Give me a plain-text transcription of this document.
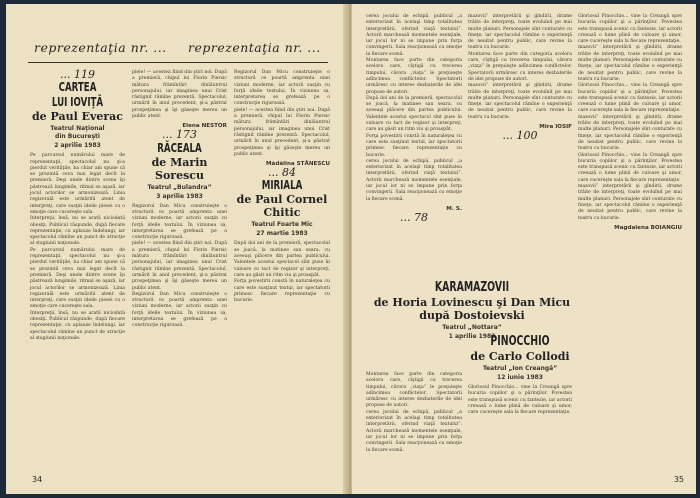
reprezentaţia nr. ... reprezentaţia nr. ...
... 119
CARTEA
LUI IOVIŢĂ
de Paul Everac

Teatrul Naţional

din Bucureşti

2 aprilie 1983

Pe parcursul numărului mare de reprezentaţii, spectacolul nu şi-a pierdut verităţile, ba chiar am spune că se prezintă ceva mai legat decît la premieră. Deşi unele dintre scene îşi păstrează lungimile, ritmul se aşază, iar jocul actorilor se armonizează. Linia regizorală este urmărită atent de interpreţi, care susţin ideile piesei cu o emoţie care cucereşte sala.

Interpreţii, însă, nu se arată niciodată obosiţi. Publicul răspunde, după fiecare reprezentaţie, cu aplauze îndelungi, iar spectacolul rămîne un punct de atracţie al stagiunii naţionale.

Pe parcursul numărului mare de reprezentaţii, spectacolul nu şi-a pierdut verităţile, ba chiar am spune că se prezintă ceva mai legat decît la premieră. Deşi unele dintre scene îşi păstrează lungimile, ritmul se aşază, iar jocul actorilor se armonizează. Linia regizorală este urmărită atent de interpreţi, care susţin ideile piesei cu o emoţie care cucereşte sala.

Interpreţii, însă, nu se arată niciodată obosiţi. Publicul răspunde, după fiecare reprezentaţie, cu aplauze îndelungi, iar spectacolul rămîne un punct de atracţie al stagiunii naţionale.

piele! — acestea fiind din ştiri noi. După a premieră, chipul lui Florin Piersic mătura frămîntări dinlăuntrul personajului, iar imaginea unui Crist răstignit rămîne prezentă. Spectacolul, urmărit în anul precedent, şi-a păstrat prospeţimea şi îşi găseşte mereu un public atent.

Elena NESTOR

... 173
RĂCEALA
de Marin Sorescu

Teatrul „Bulandra”

3 aprilie 1983

Regizorul Dan Micu construieşte o structură ce poartă amprenta unei viziuni moderne, iar actorii susţin cu forţă ideile textului. În viziunea sa, interpretarea se grefează pe o construcţie riguroasă.

piele! — acestea fiind din ştiri noi. După a premieră, chipul lui Florin Piersic mătura frămîntări dinlăuntrul personajului, iar imaginea unui Crist răstignit rămîne prezentă. Spectacolul, urmărit în anul precedent, şi-a păstrat prospeţimea şi îşi găseşte mereu un public atent.

Regizorul Dan Micu construieşte o structură ce poartă amprenta unei viziuni moderne, iar actorii susţin cu forţă ideile textului. În viziunea sa, interpretarea se grefează pe o construcţie riguroasă.

Regizorul Dan Micu construieşte o structură ce poartă amprenta unei viziuni moderne, iar actorii susţin cu forţă ideile textului. În viziunea sa, interpretarea se grefează pe o construcţie riguroasă.

piele! — acestea fiind din ştiri noi. După a premieră, chipul lui Florin Piersic mătura frămîntări dinlăuntrul personajului, iar imaginea unui Crist răstignit rămîne prezentă. Spectacolul, urmărit în anul precedent, şi-a păstrat prospeţimea şi îşi găseşte mereu un public atent.

Mădălina STĂNESCU

... 84
MIRIALA
de Paul Cornel Chitic

Teatrul Foarte Mic

27 martie 1983

După doi ani de la premieră, spectacolul se joacă, la matinee sau seara, cu aceeaşi plăcere din partea publicului. Valentele acestui spectacol sînt puse în valoare cu tact de regizor şi interpreţi, care au găsit un ritm viu şi proaspăt.

Forţa povestirii constă în naturaleţea cu care este susţinut textul, iar spectatorii primesc fiecare reprezentaţie cu bucurie.

34

cerea jocului de echipă, publicul „a exteriorizat în acelaşi timp totalitatea interpretării, oferind viaţă textului”. Actorii marchează momentele esenţiale, iar jocul lor ni se impune prin forţa convingerii. Sala reacţionează cu emoţie la fiecare scenă.

Montarea face parte din categoria acelora care, cîştigă cu trecerea timpului, cărora „viaţa” le preţuieşte adîncimea conflictelor. Spectatorii urmăresc cu interes dezbaterile de idei propuse de autori.

După doi ani de la premieră, spectacolul se joacă, la matinee sau seara, cu aceeaşi plăcere din partea publicului. Valentele acestui spectacol sînt puse în valoare cu tact de regizor şi interpreţi, care au găsit un ritm viu şi proaspăt.

Forţa povestirii constă în naturaleţea cu care este susţinut textul, iar spectatorii primesc fiecare reprezentaţie cu bucurie.

cerea jocului de echipă, publicul „a exteriorizat în acelaşi timp totalitatea interpretării, oferind viaţă textului”. Actorii marchează momentele esenţiale, iar jocul lor ni se impune prin forţa convingerii. Sala reacţionează cu emoţie la fiecare scenă.

M. S.

... 78

mazovii” interpretării şi gîndirii, drame trăite de interpreţi, toate evoluînd pe mai multe planuri. Personajele sînt conturate cu fineţe, iar spectacolul rămîne o experienţă de neuitat pentru public, care revine la teatru cu bucurie.

Montarea face parte din categoria acelora care, cîştigă cu trecerea timpului, cărora „viaţa” le preţuieşte adîncimea conflictelor. Spectatorii urmăresc cu interes dezbaterile de idei propuse de autori.

mazovii” interpretării şi gîndirii, drame trăite de interpreţi, toate evoluînd pe mai multe planuri. Personajele sînt conturate cu fineţe, iar spectacolul rămîne o experienţă de neuitat pentru public, care revine la teatru cu bucurie.

Mira IOSIF

... 100
KARAMAZOVII
de Horia Lovinescu şi Dan Micu după Dostoievski

Teatrul „Nottara”

1 aprilie 1983

Montarea face parte din categoria acelora care, cîştigă cu trecerea timpului, cărora „viaţa” le preţuieşte adîncimea conflictelor. Spectatorii urmăresc cu interes dezbaterile de idei propuse de autori.

cerea jocului de echipă, publicul „a exteriorizat în acelaşi timp totalitatea interpretării, oferind viaţă textului”. Actorii marchează momentele esenţiale, iar jocul lor ni se impune prin forţa convingerii. Sala reacţionează cu emoţie la fiecare scenă.

PINOCCHIO
de Carlo Collodi

Teatrul „Ion Creangă”

12 iunie 1983

Gloriosul Pinocchio... vine la Creangă spre bucuria copiilor şi a părinţilor. Povestea este transpusă scenic cu fantezie, iar actorii creează o lume plină de culoare şi umor, care cucereşte sala la fiecare reprezentaţie.

Gloriosul Pinocchio... vine la Creangă spre bucuria copiilor şi a părinţilor. Povestea este transpusă scenic cu fantezie, iar actorii creează o lume plină de culoare şi umor, care cucereşte sala la fiecare reprezentaţie.

mazovii” interpretării şi gîndirii, drame trăite de interpreţi, toate evoluînd pe mai multe planuri. Personajele sînt conturate cu fineţe, iar spectacolul rămîne o experienţă de neuitat pentru public, care revine la teatru cu bucurie.

Gloriosul Pinocchio... vine la Creangă spre bucuria copiilor şi a părinţilor. Povestea este transpusă scenic cu fantezie, iar actorii creează o lume plină de culoare şi umor, care cucereşte sala la fiecare reprezentaţie.

mazovii” interpretării şi gîndirii, drame trăite de interpreţi, toate evoluînd pe mai multe planuri. Personajele sînt conturate cu fineţe, iar spectacolul rămîne o experienţă de neuitat pentru public, care revine la teatru cu bucurie.

Gloriosul Pinocchio... vine la Creangă spre bucuria copiilor şi a părinţilor. Povestea este transpusă scenic cu fantezie, iar actorii creează o lume plină de culoare şi umor, care cucereşte sala la fiecare reprezentaţie.

mazovii” interpretării şi gîndirii, drame trăite de interpreţi, toate evoluînd pe mai multe planuri. Personajele sînt conturate cu fineţe, iar spectacolul rămîne o experienţă de neuitat pentru public, care revine la teatru cu bucurie.

Magdalena BOIANGIU

35
